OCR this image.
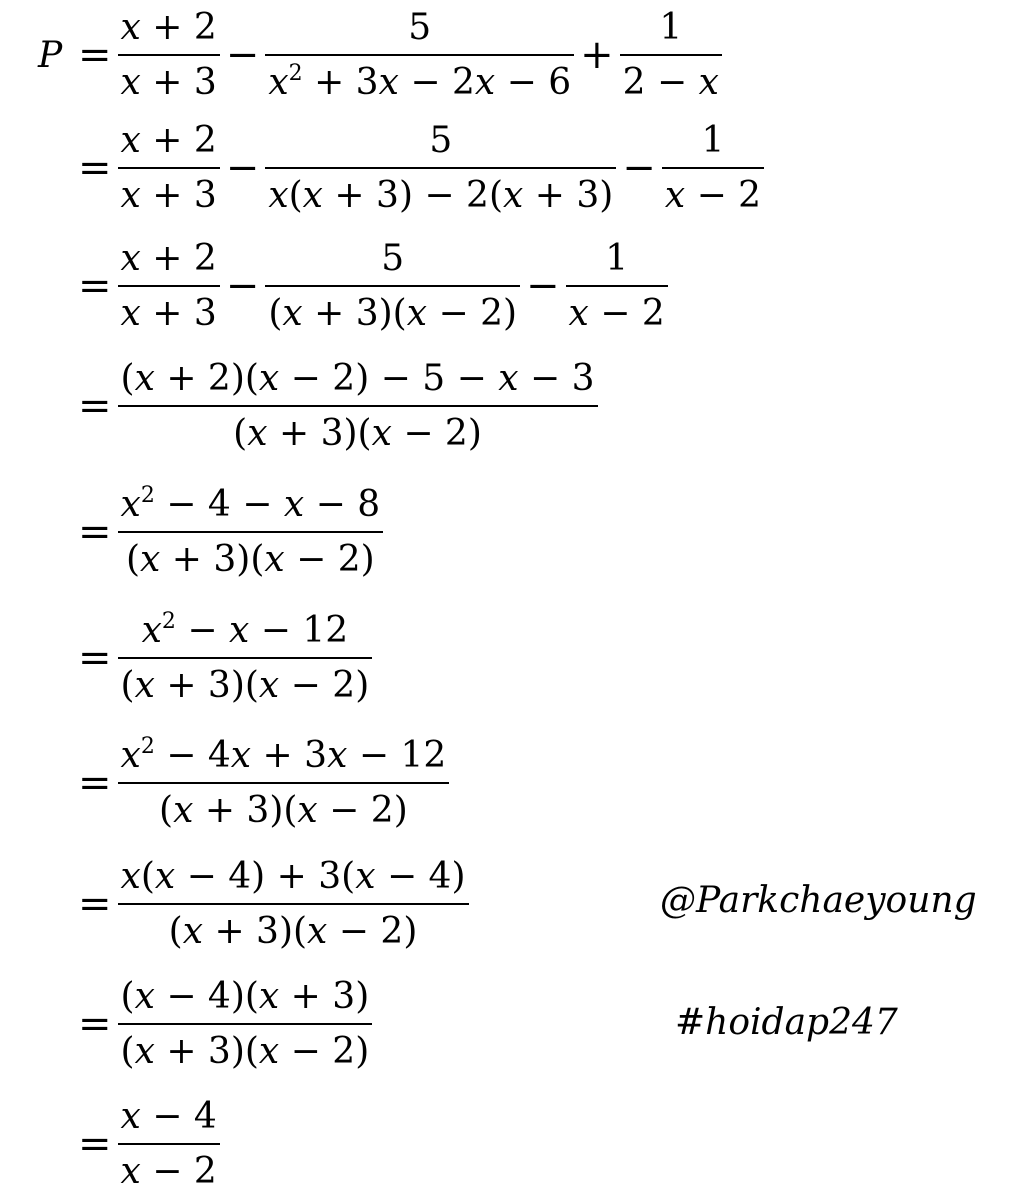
= $\frac{x + 2}{x + 3} - \frac{5}{x^2 + 3x - 2x - 6} + \frac{1}{2 - x}$
= $\frac{x + 2}{x + 3} - \frac{5}{x(x + 3) - 2(x + 3)} - \frac{1}{x - 2}$
= $\frac{x + 2}{x + 3} - \frac{5}{(x + 3)(x - 2)} - \frac{1}{x - 2}$
= $\frac{(x + 2)(x - 2) - 5 - x - 3}{(x + 3)(x - 2)}$
= $\frac{x^2 - 4 - x - 8}{(x + 3)(x - 2)}$
= $\frac{x^2 - x - 12}{(x + 3)(x - 2)}$
= $\frac{x^2 - 4x + 3x - 12}{(x + 3)(x - 2)}$
= $\frac{x(x - 4) + 3(x - 4)}{(x + 3)(x - 2)}$
= $\frac{(x - 4)(x + 3)}{(x + 3)(x - 2)}$
= $\frac{x - 4}{x - 2}$
P
@Parkchaeyoung
#hoidap247
